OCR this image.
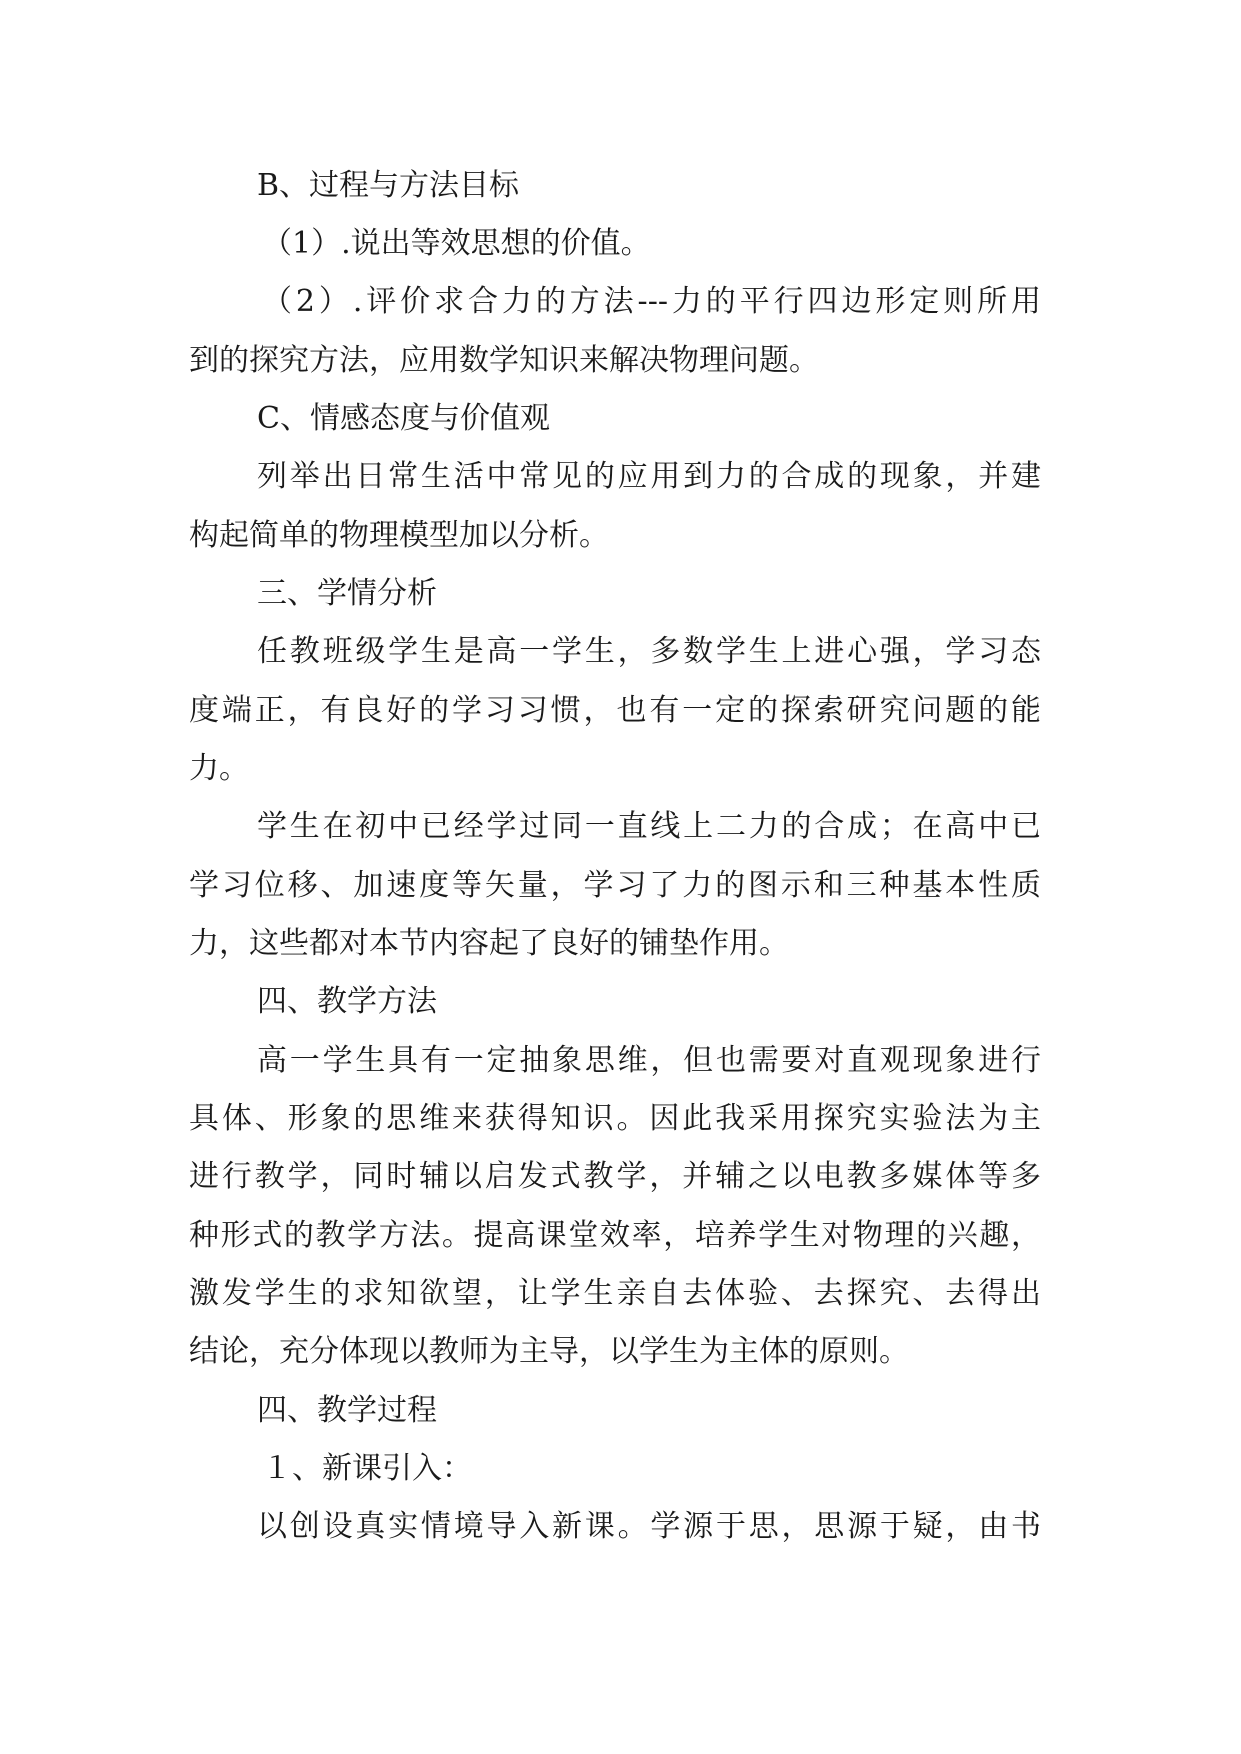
B、过程与方法目标
（1）.说出等效思想的价值。
（2）.评价求合力的方法---力的平行四边形定则所用
到的探究方法，应用数学知识来解决物理问题。
C、情感态度与价值观
列举出日常生活中常见的应用到力的合成的现象，并建
构起简单的物理模型加以分析。
三、学情分析
任教班级学生是高一学生，多数学生上进心强，学习态
度端正，有良好的学习习惯，也有一定的探索研究问题的能
力。
学生在初中已经学过同一直线上二力的合成；在高中已
学习位移、加速度等矢量，学习了力的图示和三种基本性质
力，这些都对本节内容起了良好的铺垫作用。
四、教学方法
高一学生具有一定抽象思维，但也需要对直观现象进行
具体、形象的思维来获得知识。因此我采用探究实验法为主
进行教学，同时辅以启发式教学，并辅之以电教多媒体等多
种形式的教学方法。提高课堂效率，培养学生对物理的兴趣，
激发学生的求知欲望，让学生亲自去体验、去探究、去得出
结论，充分体现以教师为主导，以学生为主体的原则。
四、教学过程
１、新课引入：
以创设真实情境导入新课。学源于思，思源于疑，由书
